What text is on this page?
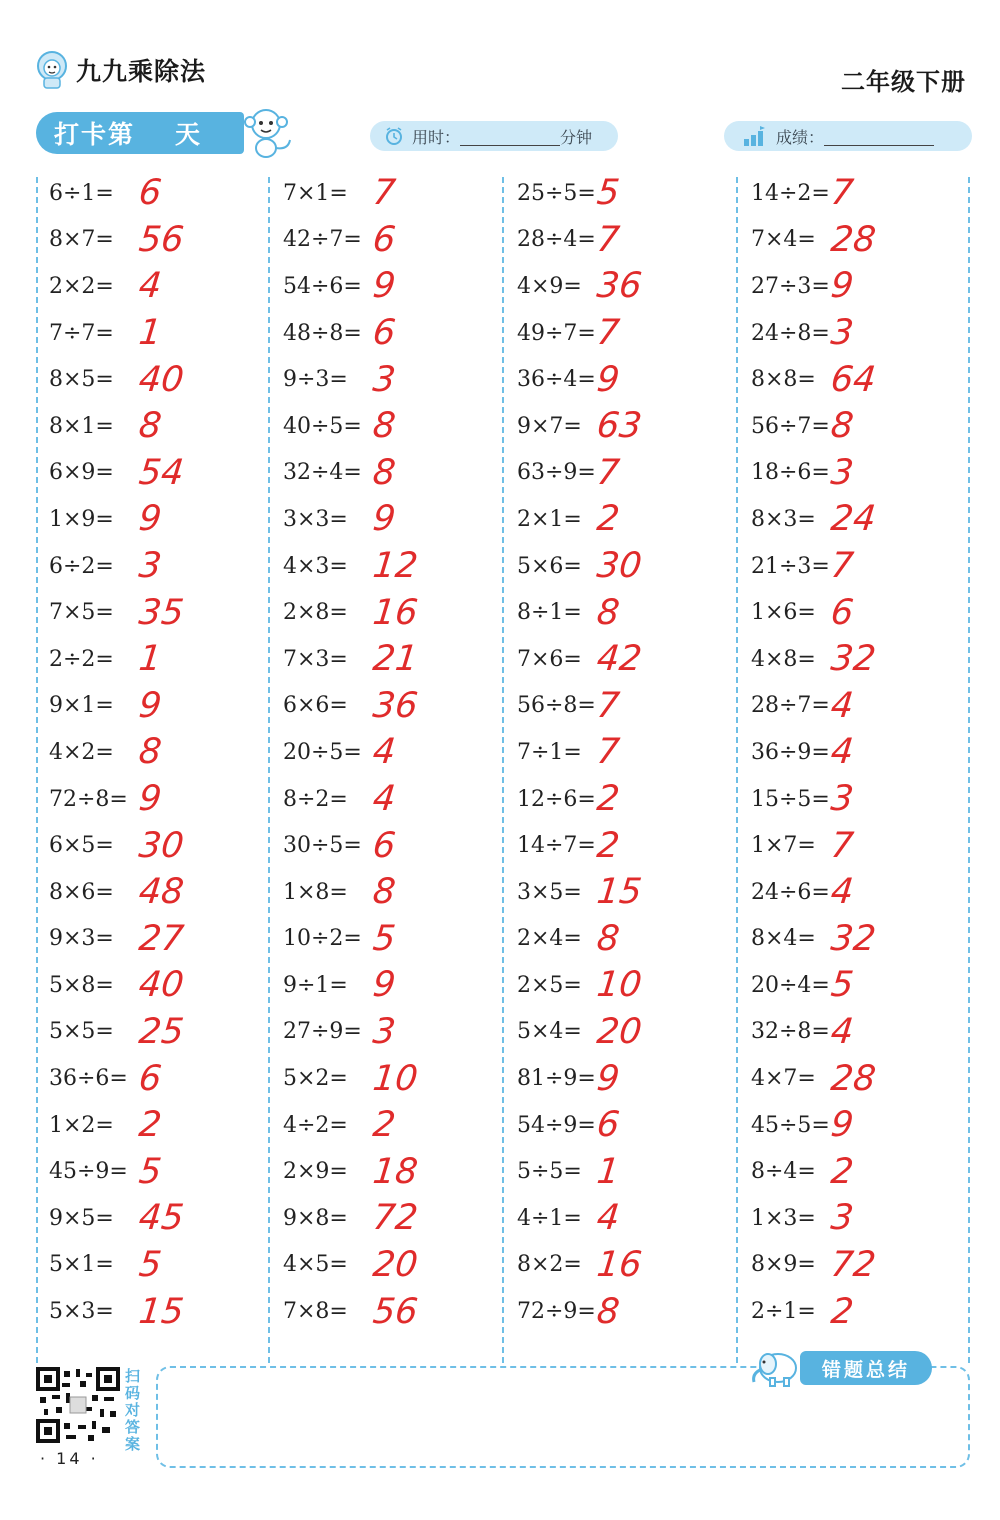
九九乘除法	二年级下册
打卡第 天	用时：	分钟	成绩：
6÷1= 6
8×7= 56
2×2= 4
7÷7= 1
8×5= 40
8×1= 8
6×9= 54
1×9= 9
6÷2= 3
7×5= 35
2÷2= 1
9×1= 9
4×2= 8
72÷8= 9
6×5= 30
8×6= 48
9×3= 27
5×8= 40
5×5= 25
36÷6= 6
1×2= 2
45÷9= 5
9×5= 45
5×1= 5
5×3= 15
7×1= 7
42÷7= 6
54÷6= 9
48÷8= 6
9÷3= 3
40÷5= 8
32÷4= 8
3×3= 9
4×3= 12
2×8= 16
7×3= 21
6×6= 36
20÷5= 4
8÷2= 4
30÷5= 6
1×8= 8
10÷2= 5
9÷1= 9
27÷9= 3
5×2= 10
4÷2= 2
2×9= 18
9×8= 72
4×5= 20
7×8= 56
25÷5= 5
28÷4= 7
4×9= 36
49÷7= 7
36÷4= 9
9×7= 63
63÷9= 7
2×1= 2
5×6= 30
8÷1= 8
7×6= 42
56÷8= 7
7÷1= 7
12÷6= 2
14÷7= 2
3×5= 15
2×4= 8
2×5= 10
5×4= 20
81÷9= 9
54÷9= 6
5÷5= 1
4÷1= 4
8×2= 16
72÷9= 8
14÷2= 7
7×4= 28
27÷3= 9
24÷8= 3
8×8= 64
56÷7= 8
18÷6= 3
8×3= 24
21÷3= 7
1×6= 6
4×8= 32
28÷7= 4
36÷9= 4
15÷5= 3
1×7= 7
24÷6= 4
8×4= 32
20÷4= 5
32÷8= 4
4×7= 28
45÷5= 9
8÷4= 2
1×3= 3
8×9= 72
2÷1= 2
扫码对答案
· 14 ·
错题总结
